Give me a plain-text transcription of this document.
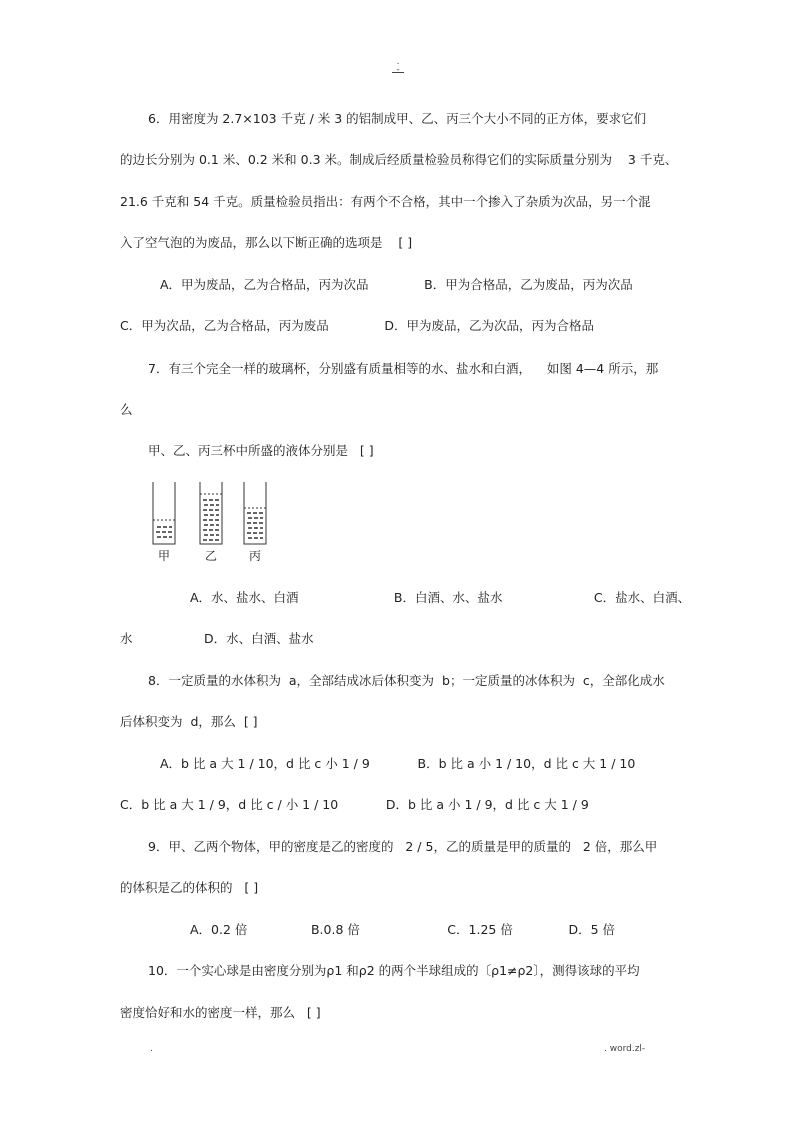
.
-
6．用密度为 2.7×103 千克 / 米 3 的铝制成甲、乙、丙三个大小不同的正方体，要求它们
的边长分别为 0.1 米、0.2 米和 0.3 米。制成后经质量检验员称得它们的实际质量分别为    3 千克、
21.6 千克和 54 千克。质量检验员指出：有两个不合格，其中一个掺入了杂质为次品，另一个混
入了空气泡的为废品，那么以下断正确的选项是    [ ]
A．甲为废品，乙为合格品，丙为次品              B．甲为合格品，乙为废品，丙为次品
C．甲为次品，乙为合格品，丙为废品              D．甲为废品，乙为次品，丙为合格品
7．有三个完全一样的玻璃杯，分别盛有质量相等的水、盐水和白酒，    如图 4—4 所示，那
么
甲、乙、丙三杯中所盛的液体分别是   [ ]
甲	乙	丙
A．水、盐水、白酒                        B．白酒、水、盐水                       C．盐水、白酒、
水                  D．水、白酒、盐水
8．一定质量的水体积为  a，全部结成冰后体积变为  b；一定质量的冰体积为  c，全部化成水
后体积变为  d，那么  [ ]
A．b 比 a 大 1 / 10，d 比 c 小 1 / 9            B．b 比 a 小 1 / 10，d 比 c 大 1 / 10
C．b 比 a 大 1 / 9，d 比 c / 小 1 / 10            D．b 比 a 小 1 / 9，d 比 c 大 1 / 9
9．甲、乙两个物体，甲的密度是乙的密度的   2 / 5，乙的质量是甲的质量的   2 倍，那么甲
的体积是乙的体积的   [ ]
A．0.2 倍                B.0.8 倍                      C．1.25 倍              D．5 倍
10．一个实心球是由密度分别为ρ1 和ρ2 的两个半球组成的〔ρ1≠ρ2〕，测得该球的平均
密度恰好和水的密度一样，那么   [ ]
.	. word.zl-
